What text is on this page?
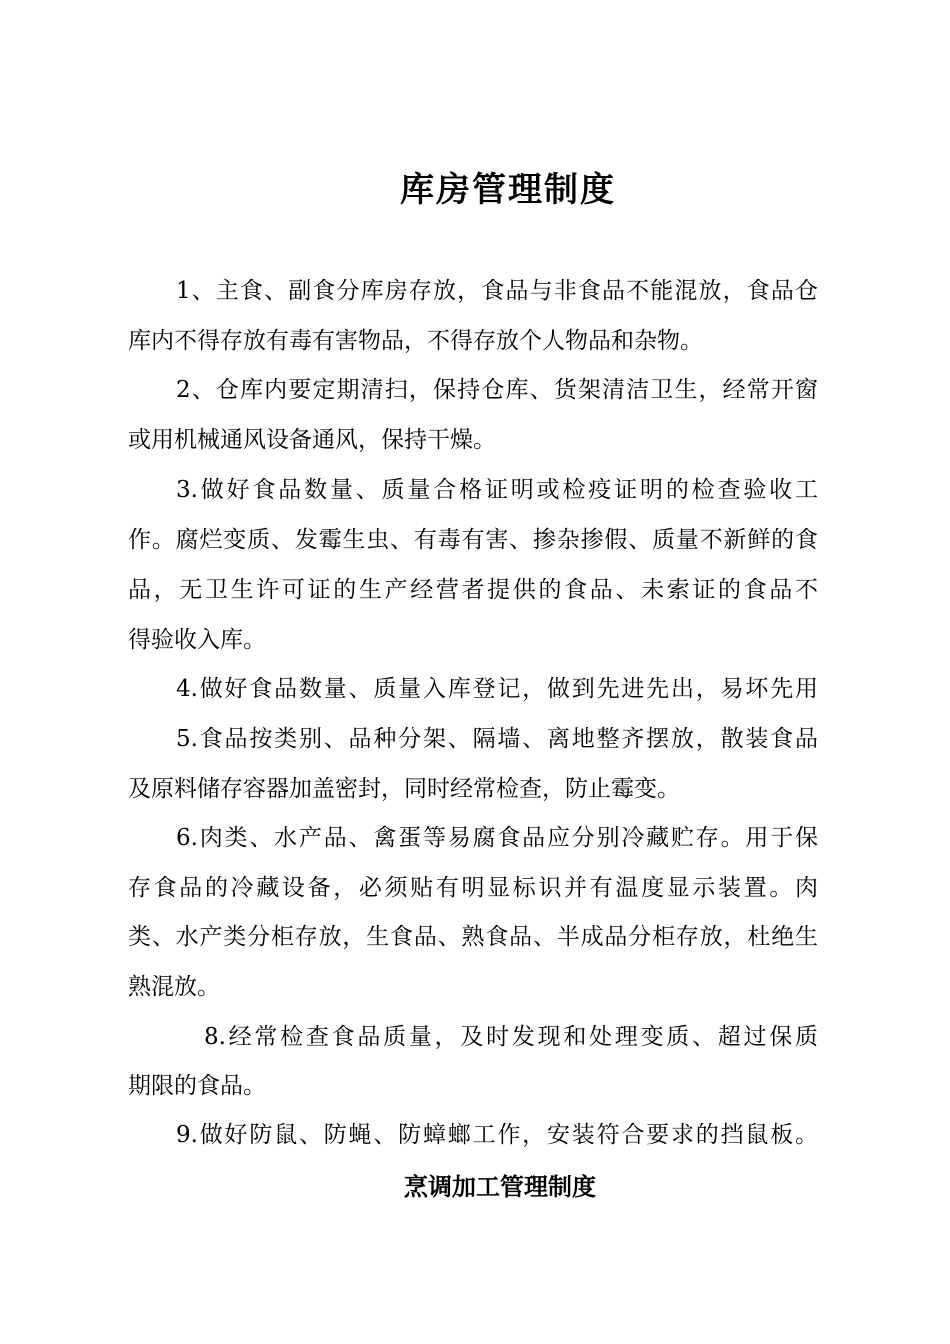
库房管理制度
1、主食、副食分库房存放，食品与非食品不能混放，食品仓
库内不得存放有毒有害物品，不得存放个人物品和杂物。
2、仓库内要定期清扫，保持仓库、货架清洁卫生，经常开窗
或用机械通风设备通风，保持干燥。
3.做好食品数量、质量合格证明或检疫证明的检查验收工
作。腐烂变质、发霉生虫、有毒有害、掺杂掺假、质量不新鲜的食
品，无卫生许可证的生产经营者提供的食品、未索证的食品不
得验收入库。
4.做好食品数量、质量入库登记，做到先进先出，易坏先用
5.食品按类别、品种分架、隔墙、离地整齐摆放，散装食品
及原料储存容器加盖密封，同时经常检查，防止霉变。
6.肉类、水产品、禽蛋等易腐食品应分别冷藏贮存。用于保
存食品的冷藏设备，必须贴有明显标识并有温度显示装置。肉
类、水产类分柜存放，生食品、熟食品、半成品分柜存放，杜绝生
熟混放。
8.经常检查食品质量，及时发现和处理变质、超过保质
期限的食品。
9.做好防鼠、防蝇、防蟑螂工作，安装符合要求的挡鼠板。
烹调加工管理制度
